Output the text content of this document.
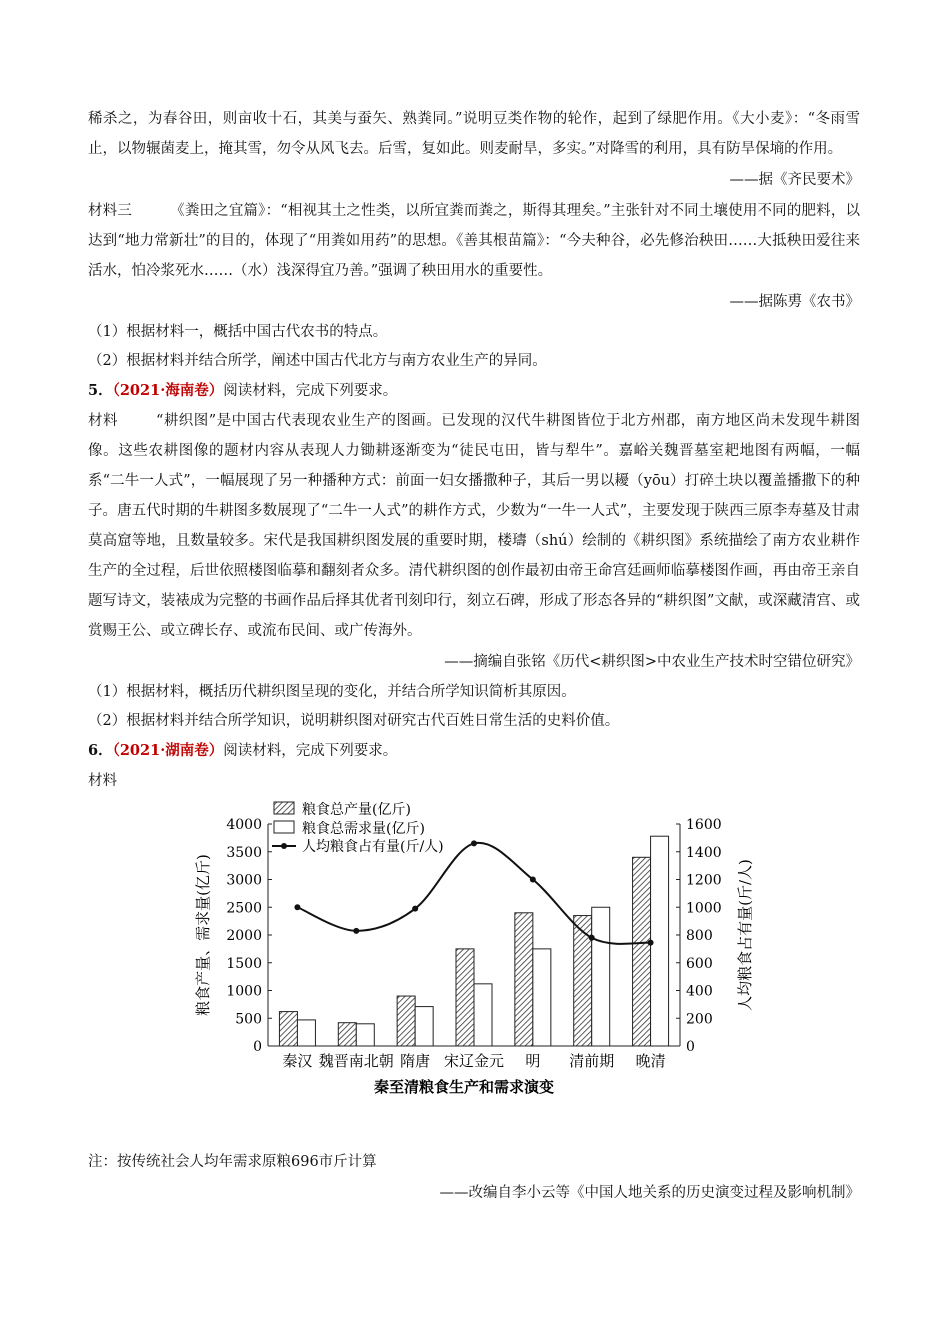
稀杀之，为春谷田，则亩收十石，其美与蚕矢、熟粪同。”说明豆类作物的轮作，起到了绿肥作用。《大小麦》：“冬雨雪止，以物辗菌麦上，掩其雪，勿令从风飞去。后雪，复如此。则麦耐旱，多实。”对降雪的利用，具有防旱保墒的作用。

——据《齐民要术》

材料三	《粪田之宜篇》：“相视其土之性类，以所宜粪而粪之，斯得其理矣。”主张针对不同土壤使用不同的肥料，以达到“地力常新壮”的目的，体现了“用粪如用药”的思想。《善其根苗篇》：“今夫种谷，必先修治秧田……大抵秧田爱往来活水，怕冷浆死水……（水）浅深得宜乃善。”强调了秧田用水的重要性。

——据陈旉《农书》

（1）根据材料一，概括中国古代农书的特点。

（2）根据材料并结合所学，阐述中国古代北方与南方农业生产的异同。

5．（2021·海南卷）阅读材料，完成下列要求。

材料	“耕织图”是中国古代表现农业生产的图画。已发现的汉代牛耕图皆位于北方州郡，南方地区尚未发现牛耕图像。这些农耕图像的题材内容从表现人力锄耕逐渐变为“徒民屯田，皆与犁牛”。嘉峪关魏晋墓室耙地图有两幅，一幅系“二牛一人式”，一幅展现了另一种播种方式：前面一妇女播撒种子，其后一男以耰（yōu）打碎土块以覆盖播撒下的种子。唐五代时期的牛耕图多数展现了“二牛一人式”的耕作方式，少数为“一牛一人式”，主要发现于陕西三原李寿墓及甘肃莫高窟等地，且数量较多。宋代是我国耕织图发展的重要时期，楼璹（shú）绘制的《耕织图》系统描绘了南方农业耕作生产的全过程，后世依照楼图临摹和翻刻者众多。清代耕织图的创作最初由帝王命宫廷画师临摹楼图作画，再由帝王亲自题写诗文，装裱成为完整的书画作品后择其优者刊刻印行，刻立石碑，形成了形态各异的“耕织图”文献，或深藏清宫、或赏赐王公、或立碑长存、或流布民间、或广传海外。

——摘编自张铭《历代<耕织图>中农业生产技术时空错位研究》

（1）根据材料，概括历代耕织图呈现的变化，并结合所学知识简析其原因。

（2）根据材料并结合所学知识，说明耕织图对研究古代百姓日常生活的史料价值。

6．（2021·湖南卷）阅读材料，完成下列要求。

材料

0
500
1000
1500
2000
2500
3000
3500
4000
0
200
400
600
800
1000
1200
1400
1600
粮食产量、需求量(亿斤)	人均粮食占有量(斤/人)
秦汉 魏晋南北朝 隋唐 宋辽金元 明 清前期 晚清
粮食总产量(亿斤)
粮食总需求量(亿斤)
人均粮食占有量(斤/人)
秦至清粮食生产和需求演变

注：按传统社会人均年需求原粮696市斤计算

——改编自李小云等《中国人地关系的历史演变过程及影响机制》
